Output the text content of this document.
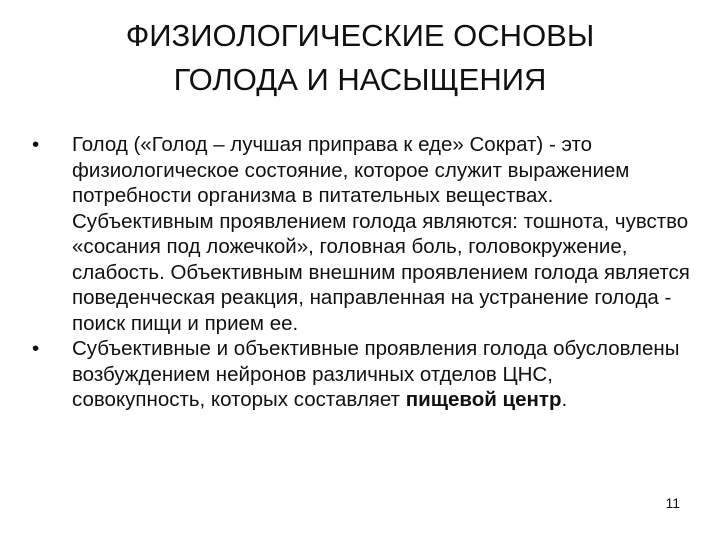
ФИЗИОЛОГИЧЕСКИЕ ОСНОВЫ
ГОЛОДА И НАСЫЩЕНИЯ

•	Голод («Голод – лучшая приправа к еде» Сократ) - это физиологическое состояние, которое служит выражением потребности организма в питательных веществах. Субъективным проявлением голода являются: тошнота, чувство «сосания под ложечкой», головная боль, головокружение, слабость. Объективным внешним проявлением голода является поведенческая реакция, направленная на устранение голода - поиск пищи и прием ее.

•	Субъективные и объективные проявления голода обусловлены возбуждением нейронов различных отделов ЦНС, совокупность, которых составляет пищевой центр.

11
